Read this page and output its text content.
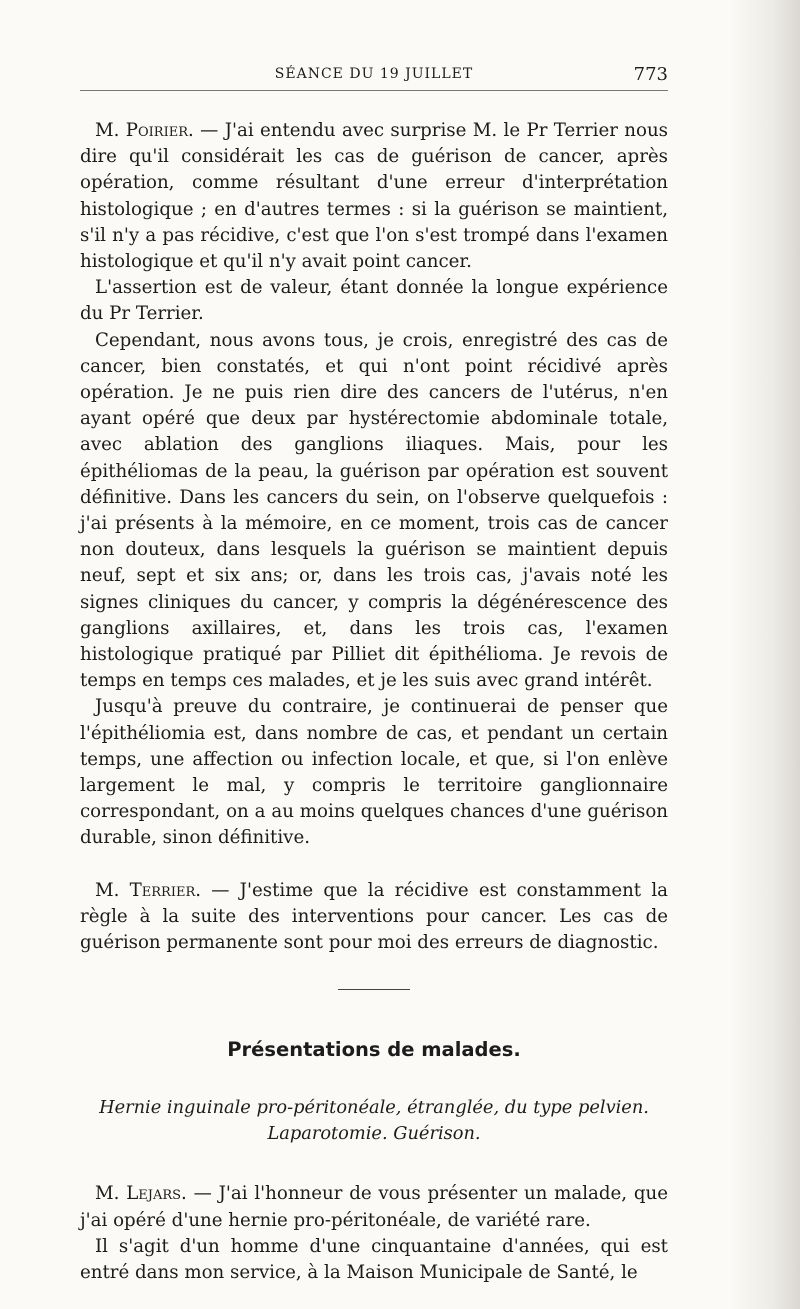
SÉANCE DU 19 JUILLET	773

M. Poirier. — J'ai entendu avec surprise M. le Pr Terrier nous dire qu'il considérait les cas de guérison de cancer, après opération, comme résultant d'une erreur d'interprétation histologique ; en d'autres termes : si la guérison se maintient, s'il n'y a pas récidive, c'est que l'on s'est trompé dans l'examen histologique et qu'il n'y avait point cancer.

L'assertion est de valeur, étant donnée la longue expérience du Pr Terrier.

Cependant, nous avons tous, je crois, enregistré des cas de cancer, bien constatés, et qui n'ont point récidivé après opération. Je ne puis rien dire des cancers de l'utérus, n'en ayant opéré que deux par hystérectomie abdominale totale, avec ablation des ganglions iliaques. Mais, pour les épithéliomas de la peau, la guérison par opération est souvent définitive. Dans les cancers du sein, on l'observe quelquefois : j'ai présents à la mémoire, en ce moment, trois cas de cancer non douteux, dans lesquels la guérison se maintient depuis neuf, sept et six ans; or, dans les trois cas, j'avais noté les signes cliniques du cancer, y compris la dégénérescence des ganglions axillaires, et, dans les trois cas, l'examen histologique pratiqué par Pilliet dit épithélioma. Je revois de temps en temps ces malades, et je les suis avec grand intérêt.

Jusqu'à preuve du contraire, je continuerai de penser que l'épithéliomia est, dans nombre de cas, et pendant un certain temps, une affection ou infection locale, et que, si l'on enlève largement le mal, y compris le territoire ganglionnaire correspondant, on a au moins quelques chances d'une guérison durable, sinon définitive.

M. Terrier. — J'estime que la récidive est constamment la règle à la suite des interventions pour cancer. Les cas de guérison permanente sont pour moi des erreurs de diagnostic.

Présentations de malades.
Hernie inguinale pro-péritonéale, étranglée, du type pelvien.
Laparotomie. Guérison.

M. Lejars. — J'ai l'honneur de vous présenter un malade, que j'ai opéré d'une hernie pro-péritonéale, de variété rare.

Il s'agit d'un homme d'une cinquantaine d'années, qui est entré dans mon service, à la Maison Municipale de Santé, le
